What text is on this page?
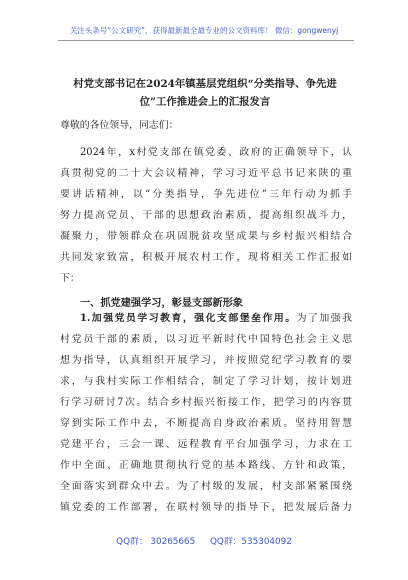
关注头条号“公文研究”，获得最新最全最专业的公文资料库！ 微信：gongwenyj
村党支部书记在2024年镇基层党组织“分类指导、争先进
位”工作推进会上的汇报发言
尊敬的各位领导，同志们：
2024年，x村党支部在镇党委、政府的正确领导下，认
真贯彻党的二十大会议精神，学习习近平总书记来陕的重
要讲话精神，以“分类指导，争先进位”三年行动为抓手
努力提高党员、干部的思想政治素质，提高组织战斗力，
凝聚力，带领群众在巩固脱贫攻坚成果与乡村振兴相结合
共同发家致富，积极开展农村工作，现将相关工作汇报如
下：
一、抓党建强学习，彰显支部新形象
1.加强党员学习教育，强化支部堡垒作用。为了加强我
村党员干部的素质，以习近平新时代中国特色社会主义思
想为指导，认真组织开展学习，并按照党纪学习教育的要
求，与我村实际工作相结合，制定了学习计划，按计划进
行学习研讨7次。结合乡村振兴衔接工作，把学习的内容贯
穿到实际工作中去，不断提高自身政治素质。坚持用智慧
党建平台，三会一课、远程教育平台加强学习，力求在工
作中全面、正确地贯彻执行党的基本路线、方针和政策，
全面落实到群众中去。为了村级的发展，村支部紧紧围绕
镇党委的工作部署，在联村领导的指导下，把发展后备力
QQ群： 30265665 QQ群：535304092
